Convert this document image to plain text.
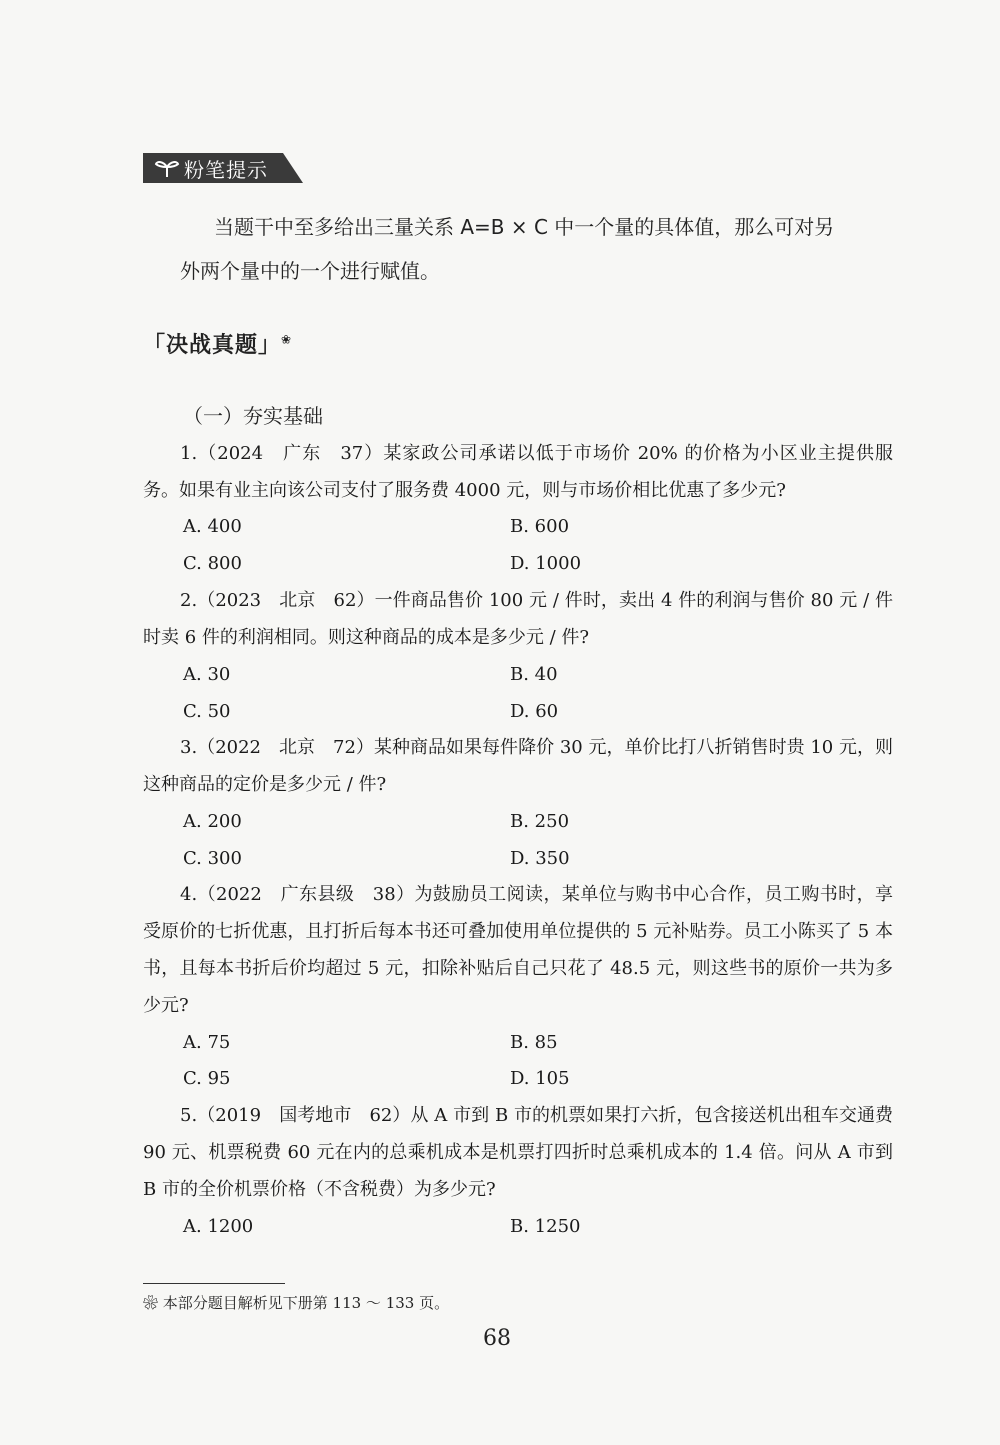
粉笔提示
当题干中至多给出三量关系 A=B × C 中一个量的具体值，那么可对另
外两个量中的一个进行赋值。
「决战真题」❀
（一）夯实基础
1.（2024　广东　37）某家政公司承诺以低于市场价 20% 的价格为小区业主提供服务。如果有业主向该公司支付了服务费 4000 元，则与市场价相比优惠了多少元?
A. 400	B. 600
C. 800	D. 1000
2.（2023　北京　62）一件商品售价 100 元 / 件时，卖出 4 件的利润与售价 80 元 / 件时卖 6 件的利润相同。则这种商品的成本是多少元 / 件?
A. 30	B. 40
C. 50	D. 60
3.（2022　北京　72）某种商品如果每件降价 30 元，单价比打八折销售时贵 10 元，则这种商品的定价是多少元 / 件?
A. 200	B. 250
C. 300	D. 350
4.（2022　广东县级　38）为鼓励员工阅读，某单位与购书中心合作，员工购书时，享受原价的七折优惠，且打折后每本书还可叠加使用单位提供的 5 元补贴券。员工小陈买了 5 本书，且每本书折后价均超过 5 元，扣除补贴后自己只花了 48.5 元，则这些书的原价一共为多少元?
A. 75	B. 85
C. 95	D. 105
5.（2019　国考地市　62）从 A 市到 B 市的机票如果打六折，包含接送机出租车交通费 90 元、机票税费 60 元在内的总乘机成本是机票打四折时总乘机成本的 1.4 倍。问从 A 市到 B 市的全价机票价格（不含税费）为多少元?
A. 1200	B. 1250
❀ 本部分题目解析见下册第 113 ～ 133 页。
68
